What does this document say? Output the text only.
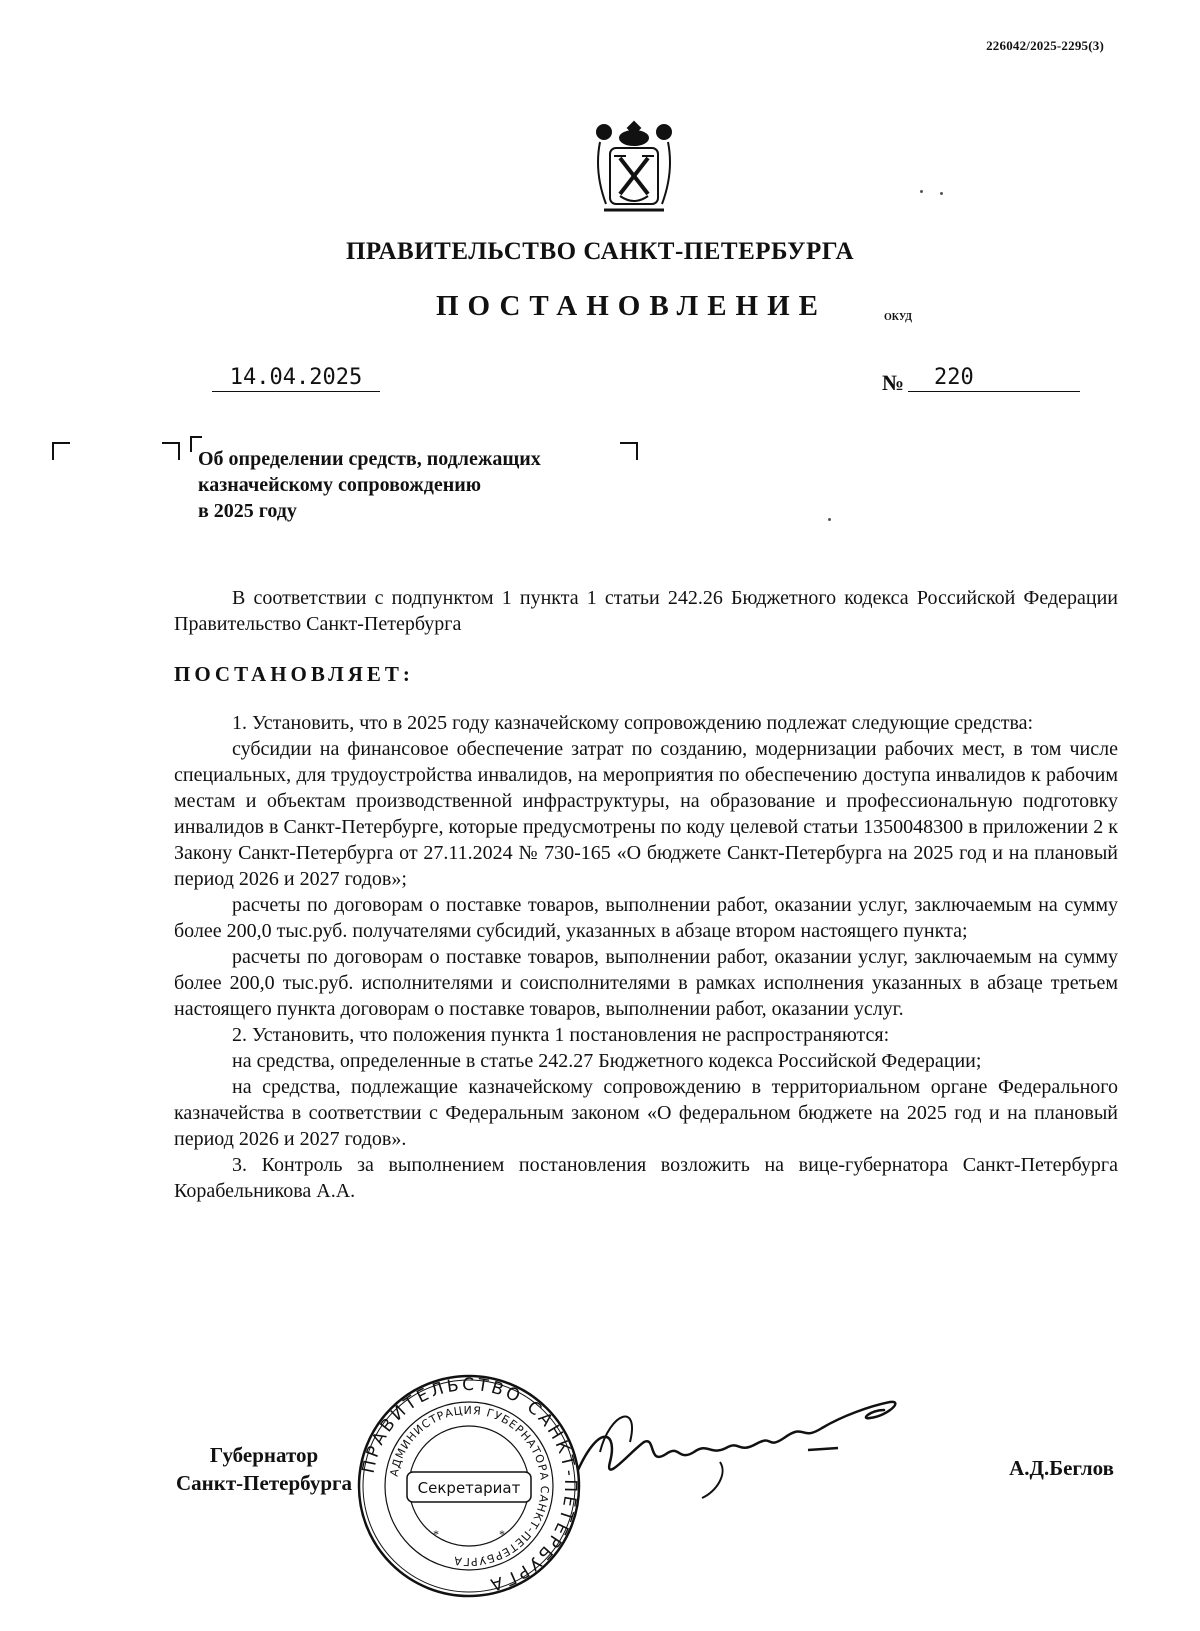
226042/2025-2295(3)
ПРАВИТЕЛЬСТВО САНКТ-ПЕТЕРБУРГА
ПОСТАНОВЛЕНИЕ	ОКУД
14.04.2025	№	220
Об определении средств, подлежащих
казначейскому сопровождению
в 2025 году

В соответствии с подпунктом 1 пункта 1 статьи 242.26 Бюджетного кодекса Российской Федерации Правительство Санкт-Петербурга

ПОСТАНОВЛЯЕТ:

1. Установить, что в 2025 году казначейскому сопровождению подлежат следующие средства:

субсидии на финансовое обеспечение затрат по созданию, модернизации рабочих мест, в том числе специальных, для трудоустройства инвалидов, на мероприятия по обеспечению доступа инвалидов к рабочим местам и объектам производственной инфраструктуры, на образование и профессиональную подготовку инвалидов в Санкт-Петербурге, которые предусмотрены по коду целевой статьи 1350048300 в приложении 2 к Закону Санкт-Петербурга от 27.11.2024 № 730-165 «О бюджете Санкт-Петербурга на 2025 год и на плановый период 2026 и 2027 годов»;

расчеты по договорам о поставке товаров, выполнении работ, оказании услуг, заключаемым на сумму более 200,0 тыс.руб. получателями субсидий, указанных в абзаце втором настоящего пункта;

расчеты по договорам о поставке товаров, выполнении работ, оказании услуг, заключаемым на сумму более 200,0 тыс.руб. исполнителями и соисполнителями в рамках исполнения указанных в абзаце третьем настоящего пункта договорам о поставке товаров, выполнении работ, оказании услуг.

2. Установить, что положения пункта 1 постановления не распространяются:

на средства, определенные в статье 242.27 Бюджетного кодекса Российской Федерации;

на средства, подлежащие казначейскому сопровождению в территориальном органе Федерального казначейства в соответствии с Федеральным законом «О федеральном бюджете на 2025 год и на плановый период 2026 и 2027 годов».

3. Контроль за выполнением постановления возложить на вице-губернатора Санкт-Петербурга Корабельникова А.А.

ПРАВИТЕЛЬСТВО САНКТ-ПЕТЕРБУРГА
АДМИНИСТРАЦИЯ ГУБЕРНАТОРА САНКТ-ПЕТЕРБУРГА
Секретариат
*	*
Губернатор
Санкт-Петербурга
А.Д.Беглов
